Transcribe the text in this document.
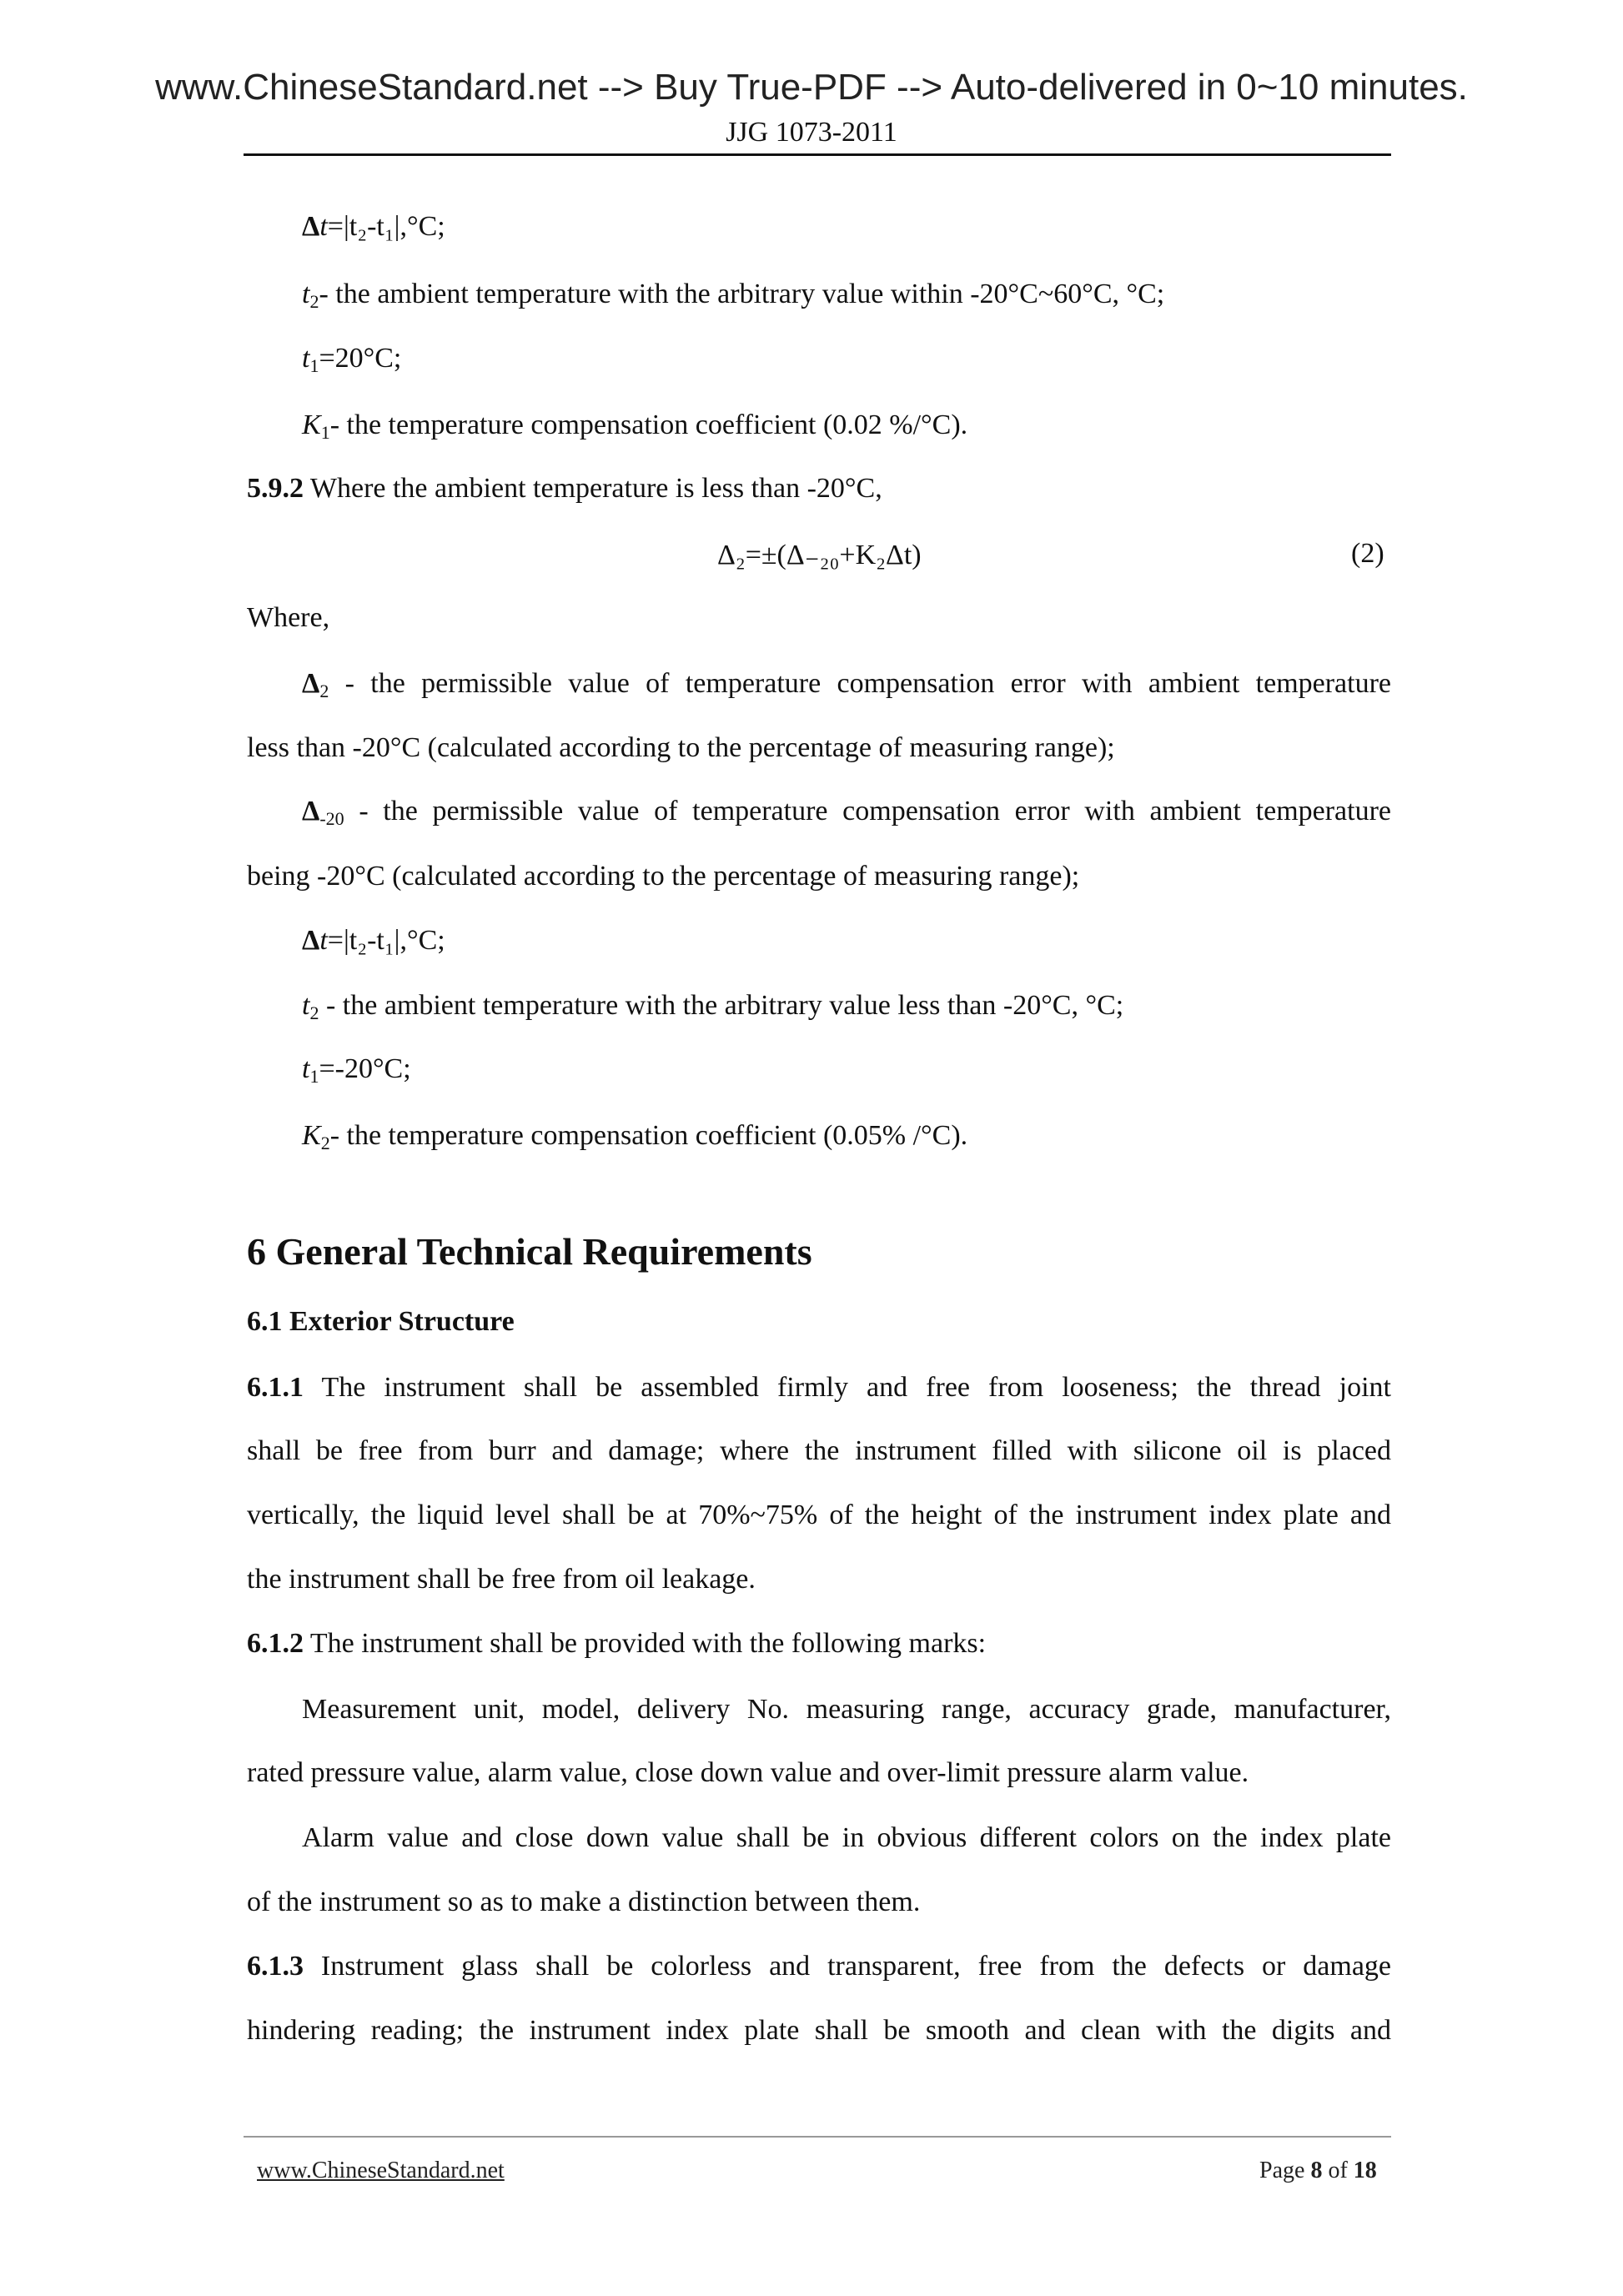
www.ChineseStandard.net --> Buy True-PDF --> Auto-delivered in 0~10 minutes.
JJG 1073-2011
Δt=|t₂-t₁|,°C;
$t_2-$ the ambient temperature with the arbitrary value within -20°C~60°C, °C;
$t_1=20^\circ C$;
$K_1-$ the temperature compensation coefficient (0.02 %/°C).
5.9.2 Where the ambient temperature is less than -20°C,
Δ₂=±(Δ₋₂₀+K₂Δt)	(2)
Where,
$\Delta_2$ - the permissible value of temperature compensation error with ambient temperature
less than -20°C (calculated according to the percentage of measuring range);
$\Delta_{-20}$ - the permissible value of temperature compensation error with ambient temperature
being -20°C (calculated according to the percentage of measuring range);
Δt=|t₂-t₁|,°C;
$t_2$ - the ambient temperature with the arbitrary value less than -20°C, °C;
$t_1=-20^\circ C$;
$K_2-$ the temperature compensation coefficient (0.05% /°C).
6 General Technical Requirements
6.1 Exterior Structure
6.1.1 The instrument shall be assembled firmly and free from looseness; the thread joint
shall be free from burr and damage; where the instrument filled with silicone oil is placed
vertically, the liquid level shall be at 70%~75% of the height of the instrument index plate and
the instrument shall be free from oil leakage.
6.1.2 The instrument shall be provided with the following marks:
Measurement unit, model, delivery No. measuring range, accuracy grade, manufacturer,
rated pressure value, alarm value, close down value and over-limit pressure alarm value.
Alarm value and close down value shall be in obvious different colors on the index plate
of the instrument so as to make a distinction between them.
6.1.3 Instrument glass shall be colorless and transparent, free from the defects or damage
hindering reading; the instrument index plate shall be smooth and clean with the digits and
www.ChineseStandard.net	Page 8 of 18
